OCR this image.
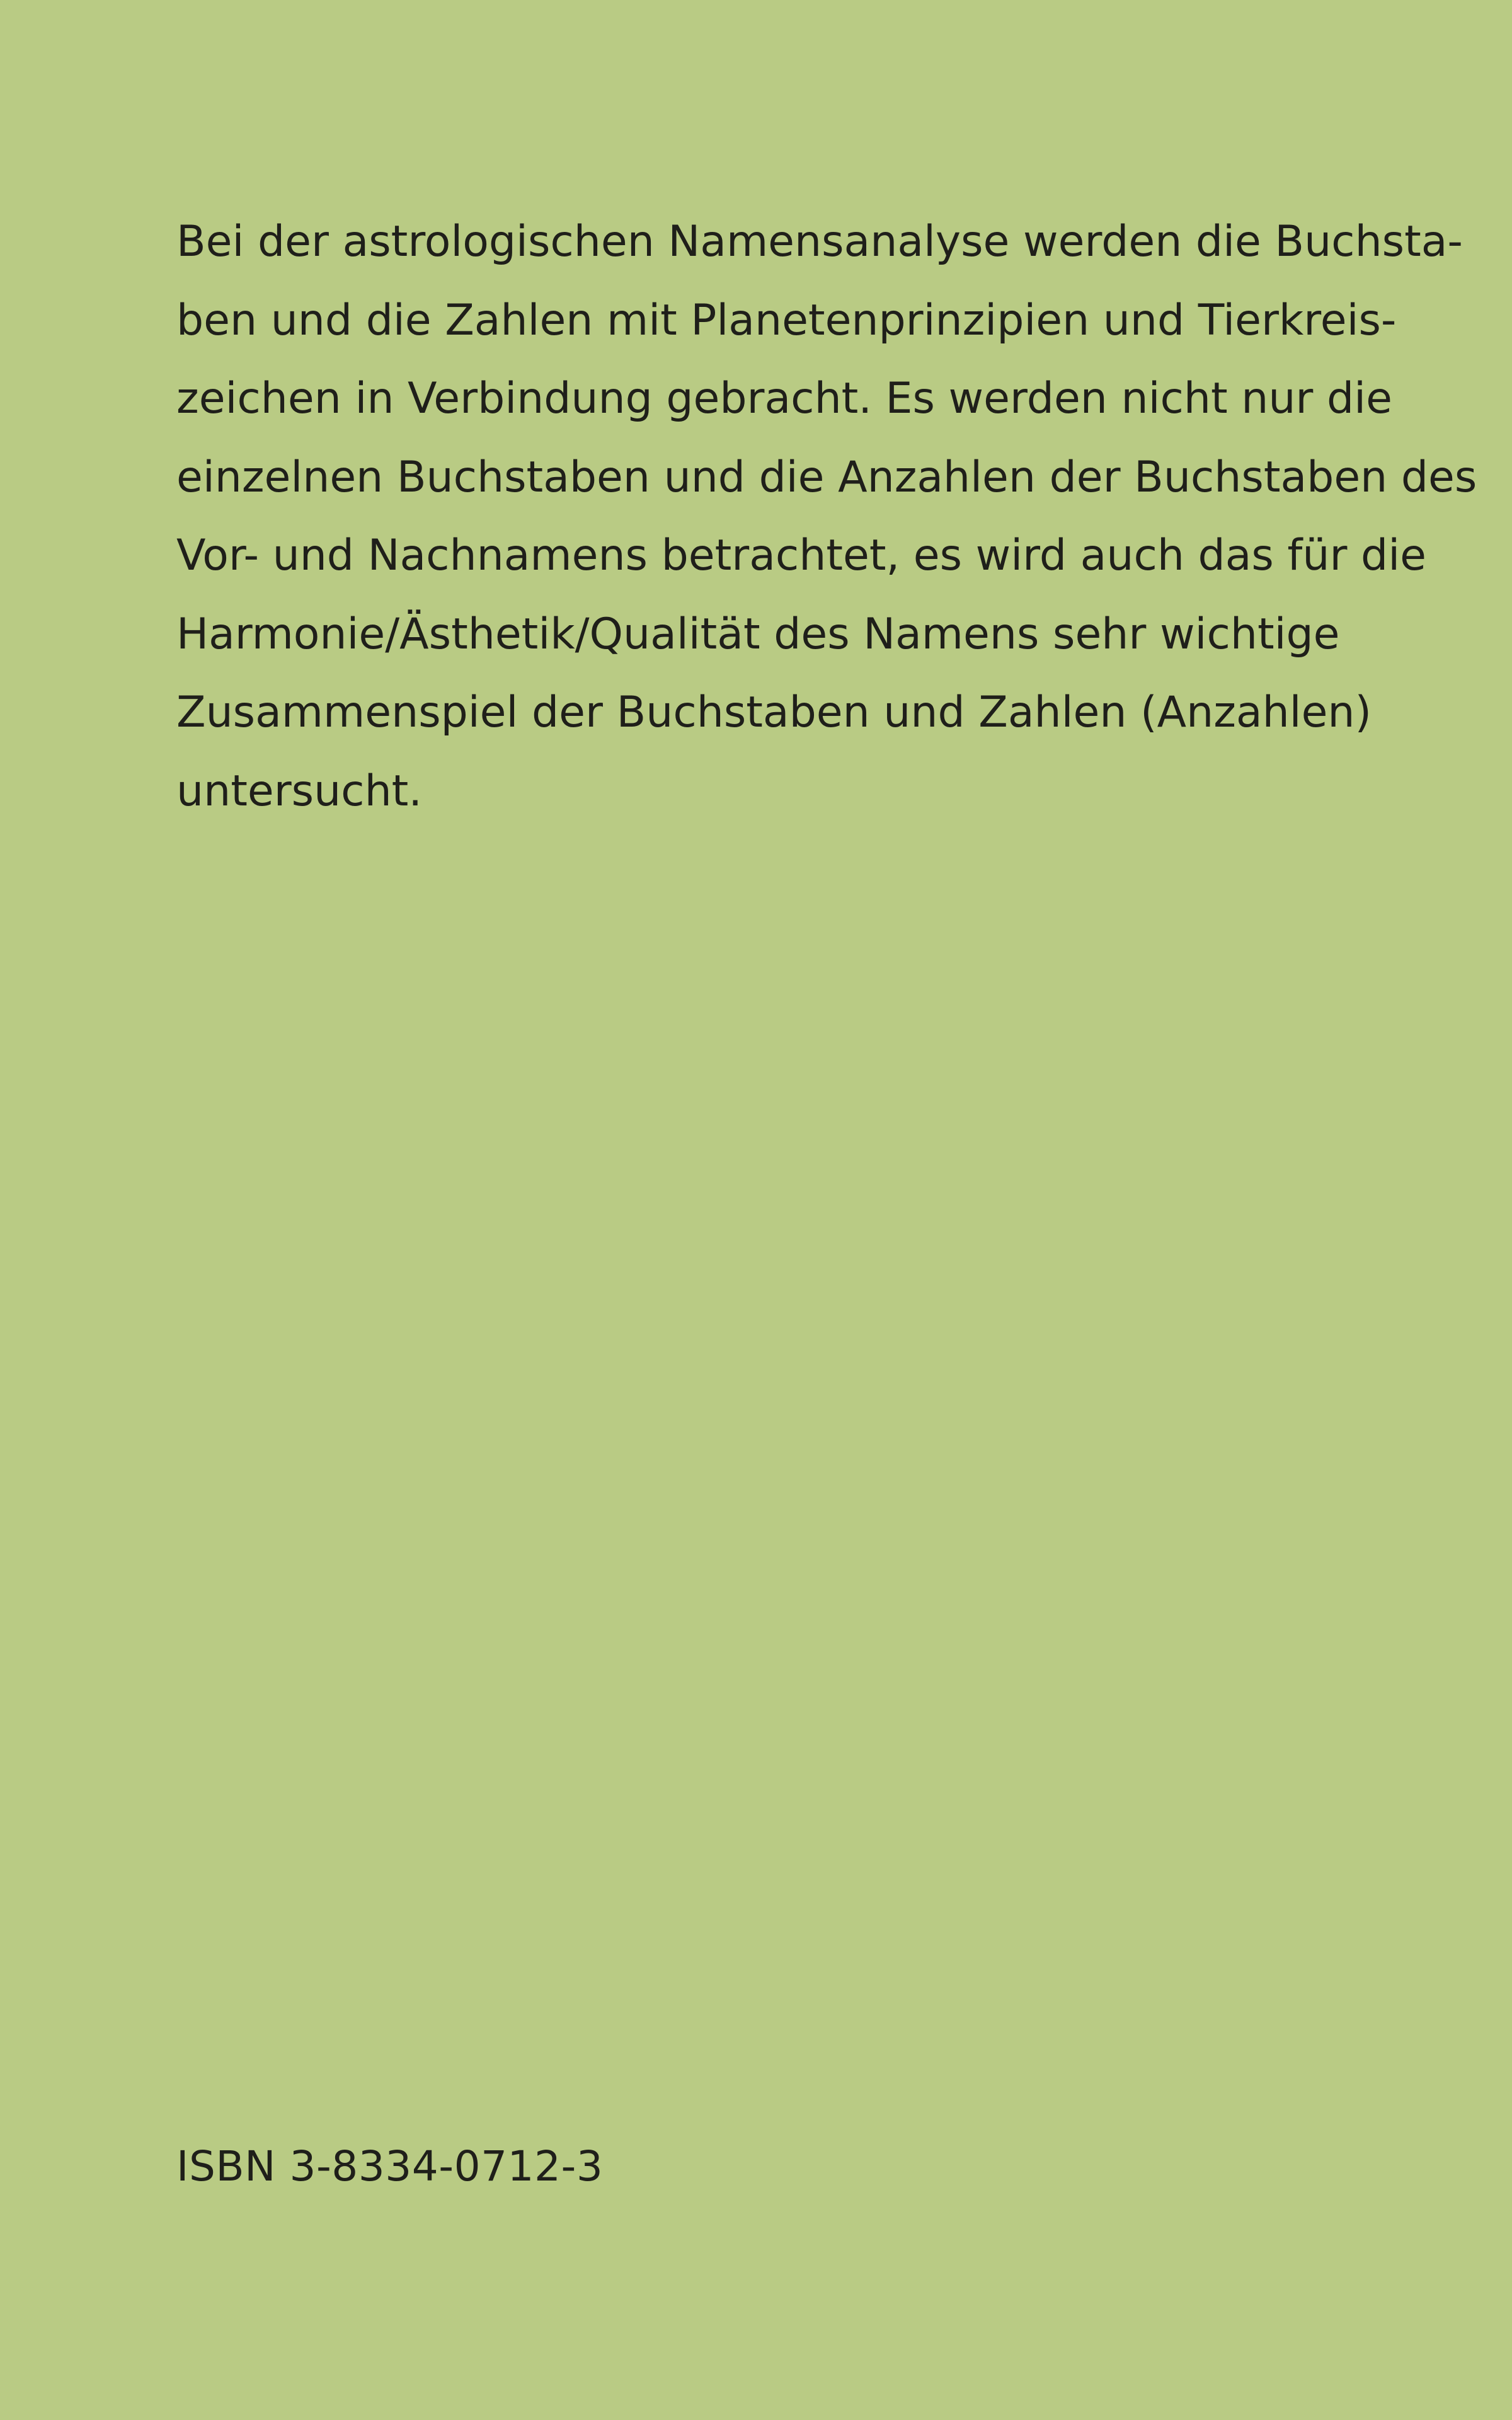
Bei der astrologischen Namensanalyse werden die Buchsta-
ben und die Zahlen mit Planetenprinzipien und Tierkreis-
zeichen in Verbindung gebracht. Es werden nicht nur die
einzelnen Buchstaben und die Anzahlen der Buchstaben des
Vor- und Nachnamens betrachtet, es wird auch das für die
Harmonie/Ästhetik/Qualität des Namens sehr wichtige
Zusammenspiel der Buchstaben und Zahlen (Anzahlen)
untersucht.

ISBN 3-8334-0712-3
